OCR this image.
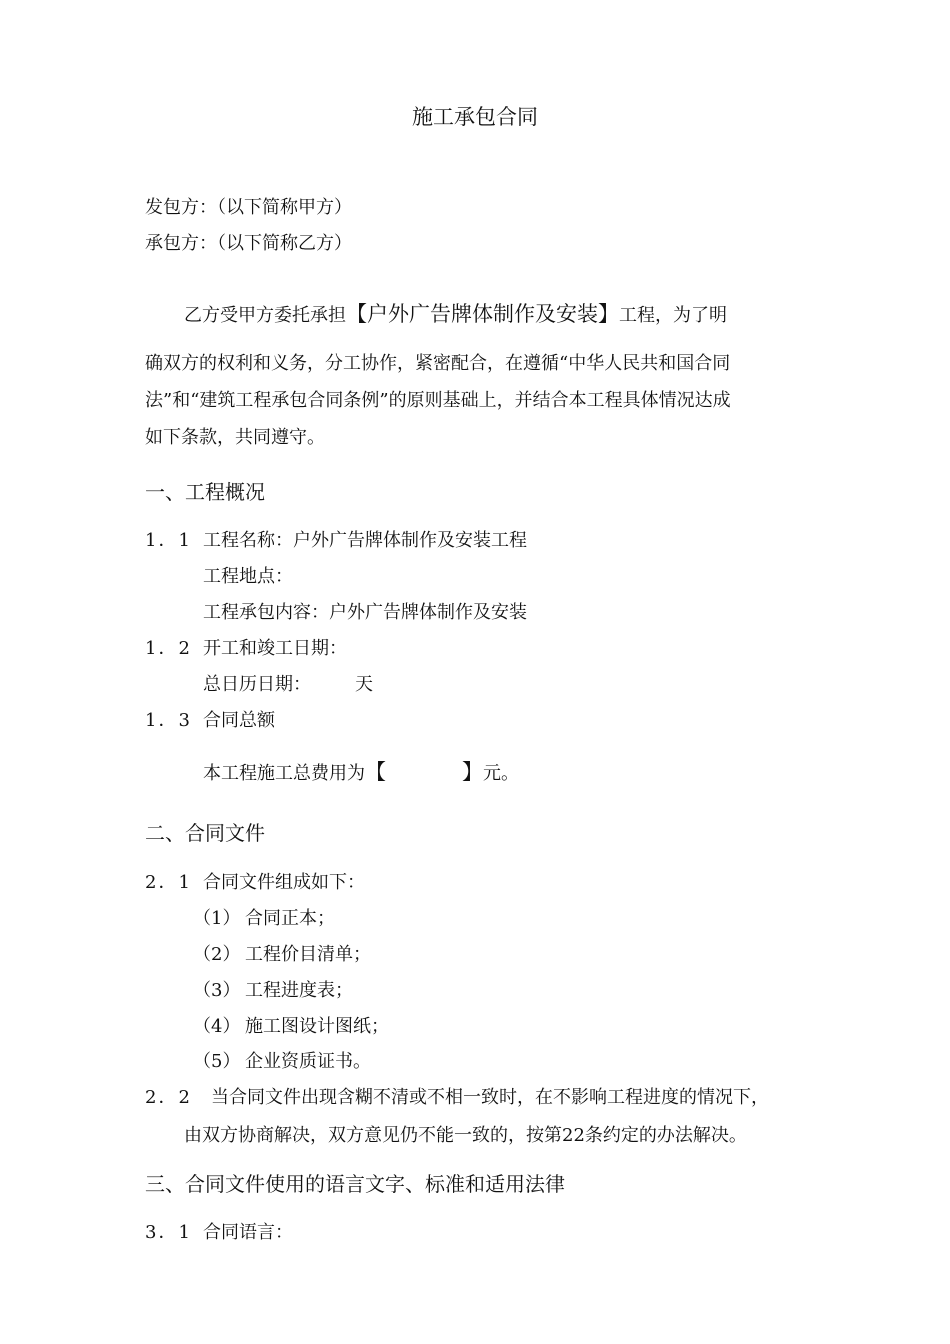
施工承包合同
发包方：（以下简称甲方）
承包方：（以下简称乙方）
乙方受甲方委托承担【户外广告牌体制作及安装】工程，为了明
确双方的权利和义务，分工协作，紧密配合，在遵循“中华人民共和国合同
法”和“建筑工程承包合同条例”的原则基础上，并结合本工程具体情况达成
如下条款，共同遵守。
一、工程概况
1．1 工程名称：户外广告牌体制作及安装工程
工程地点：
工程承包内容：户外广告牌体制作及安装
1．2 开工和竣工日期：
总日历日期： 天
1．3 合同总额
本工程施工总费用为【	】元。
二、合同文件
2．1 合同文件组成如下：
（1） 合同正本；
（2） 工程价目清单；
（3） 工程进度表；
（4） 施工图设计图纸；
（5） 企业资质证书。
2．2 当合同文件出现含糊不清或不相一致时，在不影响工程进度的情况下，
由双方协商解决，双方意见仍不能一致的，按第22条约定的办法解决。
三、合同文件使用的语言文字、标准和适用法律
3．1 合同语言：
